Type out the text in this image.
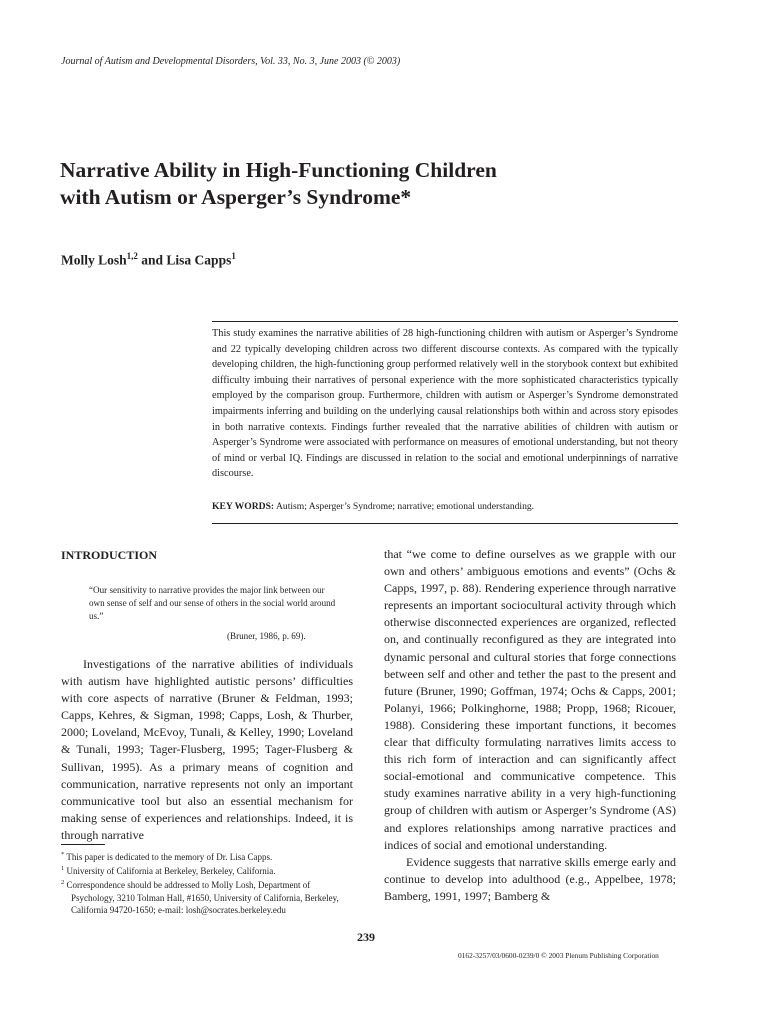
Journal of Autism and Developmental Disorders, Vol. 33, No. 3, June 2003 (© 2003)
Narrative Ability in High-Functioning Children
with Autism or Asperger’s Syndrome*
Molly Losh$^{1,2}$ and Lisa Capps$^1$
This study examines the narrative abilities of 28 high-functioning children with autism or Asperger’s Syndrome and 22 typically developing children across two different discourse contexts. As compared with the typically developing children, the high-functioning group performed relatively well in the storybook context but exhibited difficulty imbuing their narratives of personal experience with the more sophisticated characteristics typically employed by the comparison group. Furthermore, children with autism or Asperger’s Syndrome demonstrated impairments inferring and building on the underlying causal relationships both within and across story episodes in both narrative contexts. Findings further revealed that the narrative abilities of children with autism or Asperger’s Syndrome were associated with performance on measures of emotional understanding, but not theory of mind or verbal IQ. Findings are discussed in relation to the social and emotional underpinnings of narrative discourse.
KEY WORDS: Autism; Asperger’s Syndrome; narrative; emotional understanding.
INTRODUCTION
“Our sensitivity to narrative provides the major link between our own sense of self and our sense of others in the social world around us.”
(Bruner, 1986, p. 69).

Investigations of the narrative abilities of individuals with autism have highlighted autistic persons’ difficulties with core aspects of narrative (Bruner & Feldman, 1993; Capps, Kehres, & Sigman, 1998; Capps, Losh, & Thurber, 2000; Loveland, McEvoy, Tunali, & Kelley, 1990; Loveland & Tunali, 1993; Tager-Flusberg, 1995; Tager-Flusberg & Sullivan, 1995). As a primary means of cognition and communication, narrative represents not only an important communicative tool but also an essential mechanism for making sense of experiences and relationships. Indeed, it is through narrative

that “we come to define ourselves as we grapple with our own and others’ ambiguous emotions and events” (Ochs & Capps, 1997, p. 88). Rendering experience through narrative represents an important sociocultural activity through which otherwise disconnected experiences are organized, reflected on, and continually reconfigured as they are integrated into dynamic personal and cultural stories that forge connections between self and other and tether the past to the present and future (Bruner, 1990; Goffman, 1974; Ochs & Capps, 2001; Polanyi, 1966; Polkinghorne, 1988; Propp, 1968; Ricouer, 1988). Considering these important functions, it becomes clear that difficulty formulating narratives limits access to this rich form of interaction and can significantly affect social-emotional and communicative competence. This study examines narrative ability in a very high-functioning group of children with autism or Asperger’s Syndrome (AS) and explores relationships among narrative practices and indices of social and emotional understanding.

Evidence suggests that narrative skills emerge early and continue to develop into adulthood (e.g., Appelbee, 1978; Bamberg, 1991, 1997; Bamberg &

* This paper is dedicated to the memory of Dr. Lisa Capps.

$^1$ University of California at Berkeley, Berkeley, California.

$^2$ Correspondence should be addressed to Molly Losh, Department of Psychology, 3210 Tolman Hall, #1650, University of California, Berkeley, California 94720-1650; e-mail: losh@socrates.berkeley.edu

239
0162-3257/03/0600-0239/0 © 2003 Plenum Publishing Corporation
